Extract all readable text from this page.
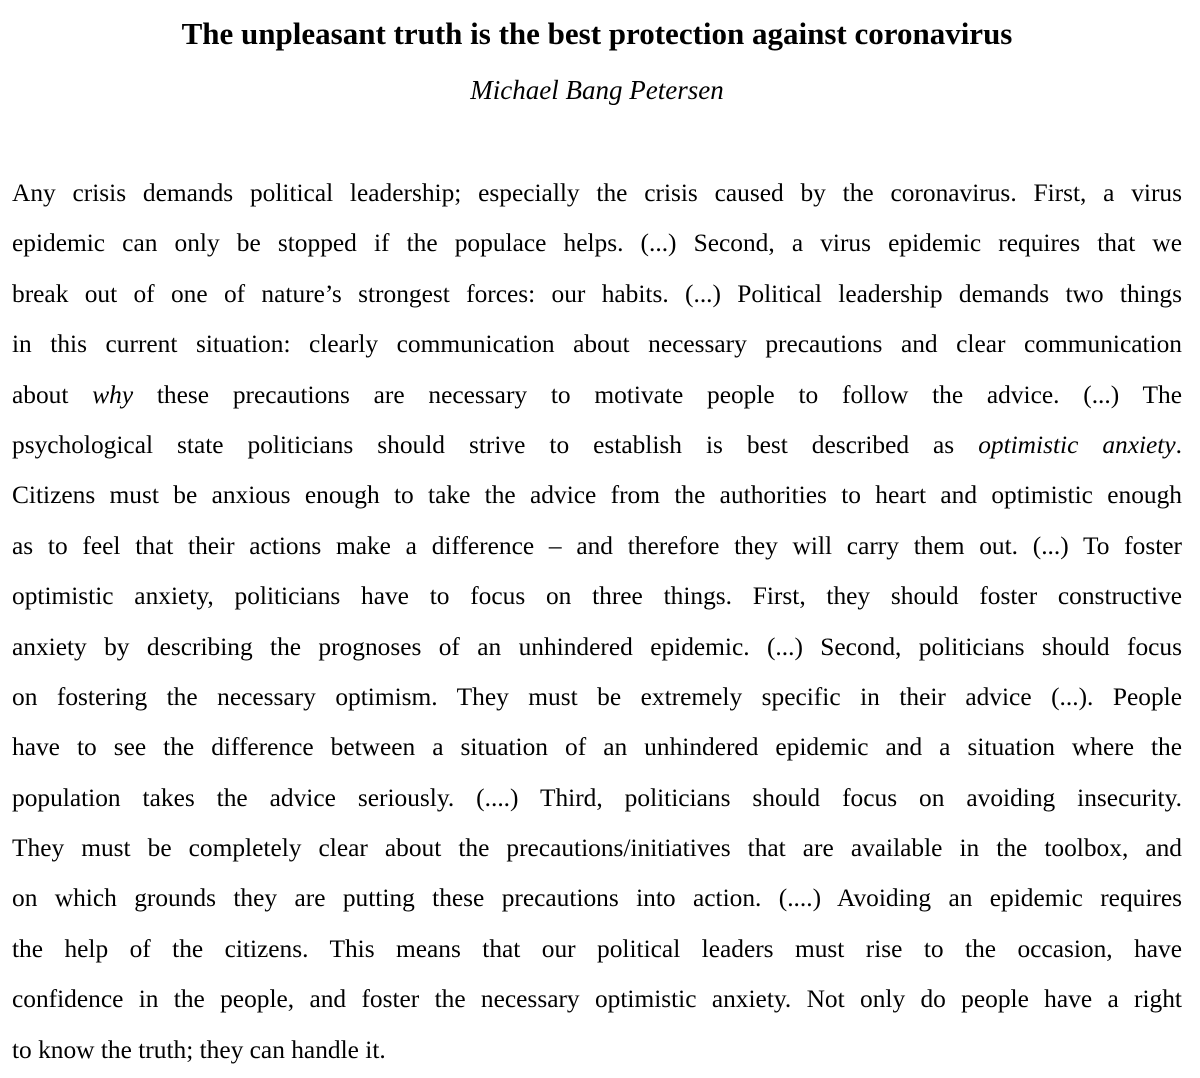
The unpleasant truth is the best protection against coronavirus
Michael Bang Petersen
Any crisis demands political leadership; especially the crisis caused by the coronavirus. First, a virus
epidemic can only be stopped if the populace helps. (...) Second, a virus epidemic requires that we
break out of one of nature’s strongest forces: our habits. (...) Political leadership demands two things
in this current situation: clearly communication about necessary precautions and clear communication
about why these precautions are necessary to motivate people to follow the advice. (...) The
psychological state politicians should strive to establish is best described as optimistic anxiety.
Citizens must be anxious enough to take the advice from the authorities to heart and optimistic enough
as to feel that their actions make a difference – and therefore they will carry them out. (...) To foster
optimistic anxiety, politicians have to focus on three things. First, they should foster constructive
anxiety by describing the prognoses of an unhindered epidemic. (...) Second, politicians should focus
on fostering the necessary optimism. They must be extremely specific in their advice (...). People
have to see the difference between a situation of an unhindered epidemic and a situation where the
population takes the advice seriously. (....) Third, politicians should focus on avoiding insecurity.
They must be completely clear about the precautions/initiatives that are available in the toolbox, and
on which grounds they are putting these precautions into action. (....) Avoiding an epidemic requires
the help of the citizens. This means that our political leaders must rise to the occasion, have
confidence in the people, and foster the necessary optimistic anxiety. Not only do people have a right
to know the truth; they can handle it.
